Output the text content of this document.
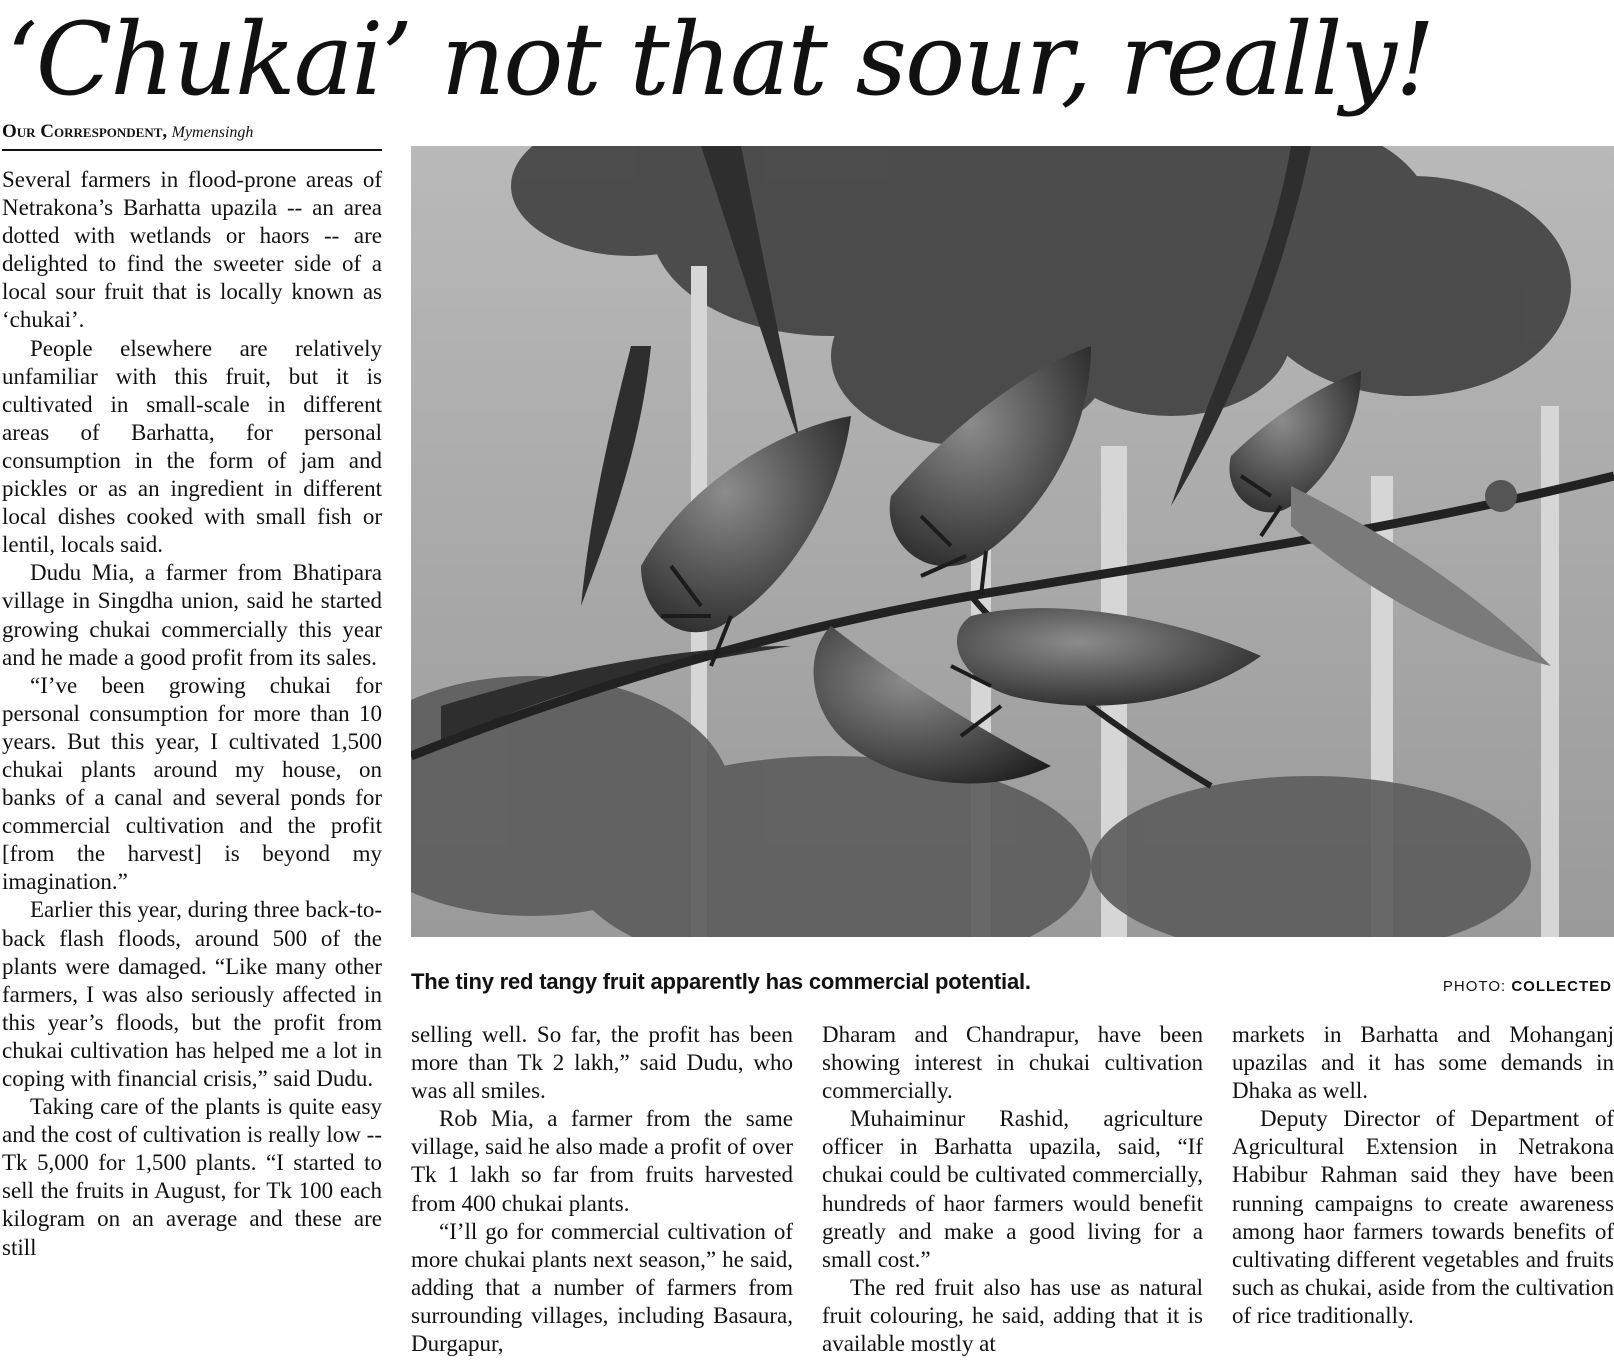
‘Chukai’ not that sour, really!
Our Correspondent, Mymensingh

Several farmers in flood-prone areas of Netrakona’s Barhatta upazila -- an area dotted with wetlands or haors -- are delighted to find the sweeter side of a local sour fruit that is locally known as ‘chukai’.

People elsewhere are relatively unfamiliar with this fruit, but it is cultivated in small-scale in different areas of Barhatta, for personal consumption in the form of jam and pickles or as an ingredient in different local dishes cooked with small fish or lentil, locals said.

Dudu Mia, a farmer from Bhatipara village in Singdha union, said he started growing chukai commercially this year and he made a good profit from its sales.

“I’ve been growing chukai for personal consumption for more than 10 years. But this year, I cultivated 1,500 chukai plants around my house, on banks of a canal and several ponds for commercial cultivation and the profit [from the harvest] is beyond my imagination.”

Earlier this year, during three back-to-back flash floods, around 500 of the plants were damaged. “Like many other farmers, I was also seriously affected in this year’s floods, but the profit from chukai cultivation has helped me a lot in coping with financial crisis,” said Dudu.

Taking care of the plants is quite easy and the cost of cultivation is really low -- Tk 5,000 for 1,500 plants. “I started to sell the fruits in August, for Tk 100 each kilogram on an average and these are still

The tiny red tangy fruit apparently has commercial potential.	PHOTO: COLLECTED

selling well. So far, the profit has been more than Tk 2 lakh,” said Dudu, who was all smiles.

Rob Mia, a farmer from the same village, said he also made a profit of over Tk 1 lakh so far from fruits harvested from 400 chukai plants.

“I’ll go for commercial cultivation of more chukai plants next season,” he said, adding that a number of farmers from surrounding villages, including Basaura, Durgapur,

Dharam and Chandrapur, have been showing interest in chukai cultivation commercially.

Muhaiminur Rashid, agriculture officer in Barhatta upazila, said, “If chukai could be cultivated commercially, hundreds of haor farmers would benefit greatly and make a good living for a small cost.”

The red fruit also has use as natural fruit colouring, he said, adding that it is available mostly at

markets in Barhatta and Mohanganj upazilas and it has some demands in Dhaka as well.

Deputy Director of Department of Agricultural Extension in Netrakona Habibur Rahman said they have been running campaigns to create awareness among haor farmers towards benefits of cultivating different vegetables and fruits such as chukai, aside from the cultivation of rice traditionally.
